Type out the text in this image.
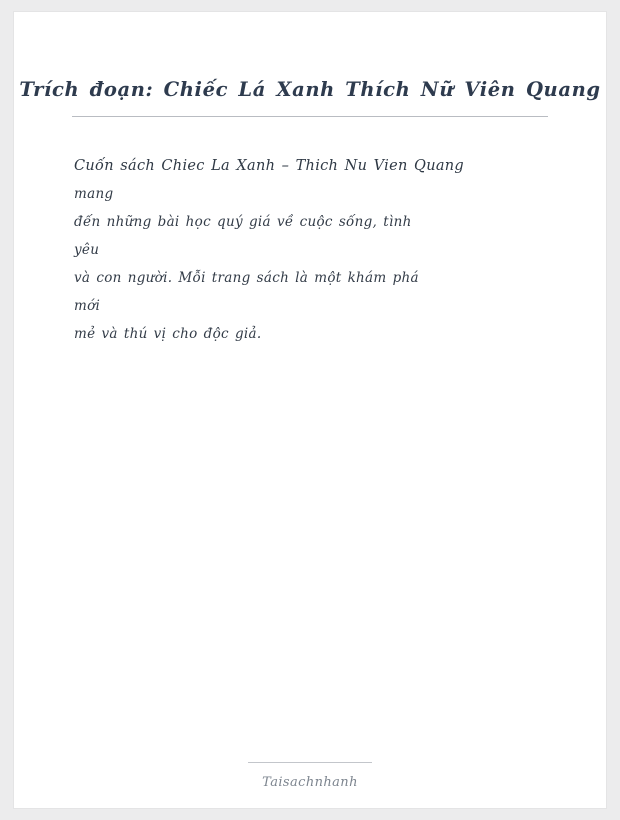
Trích đoạn: Chiếc Lá Xanh Thích Nữ Viên Quang
Cuốn sách Chiec La Xanh – Thich Nu Vien Quang
mang
đến những bài học quý giá về cuộc sống, tình
yêu
và con người. Mỗi trang sách là một khám phá
mới
mẻ và thú vị cho độc giả.
Taisachnhanh
